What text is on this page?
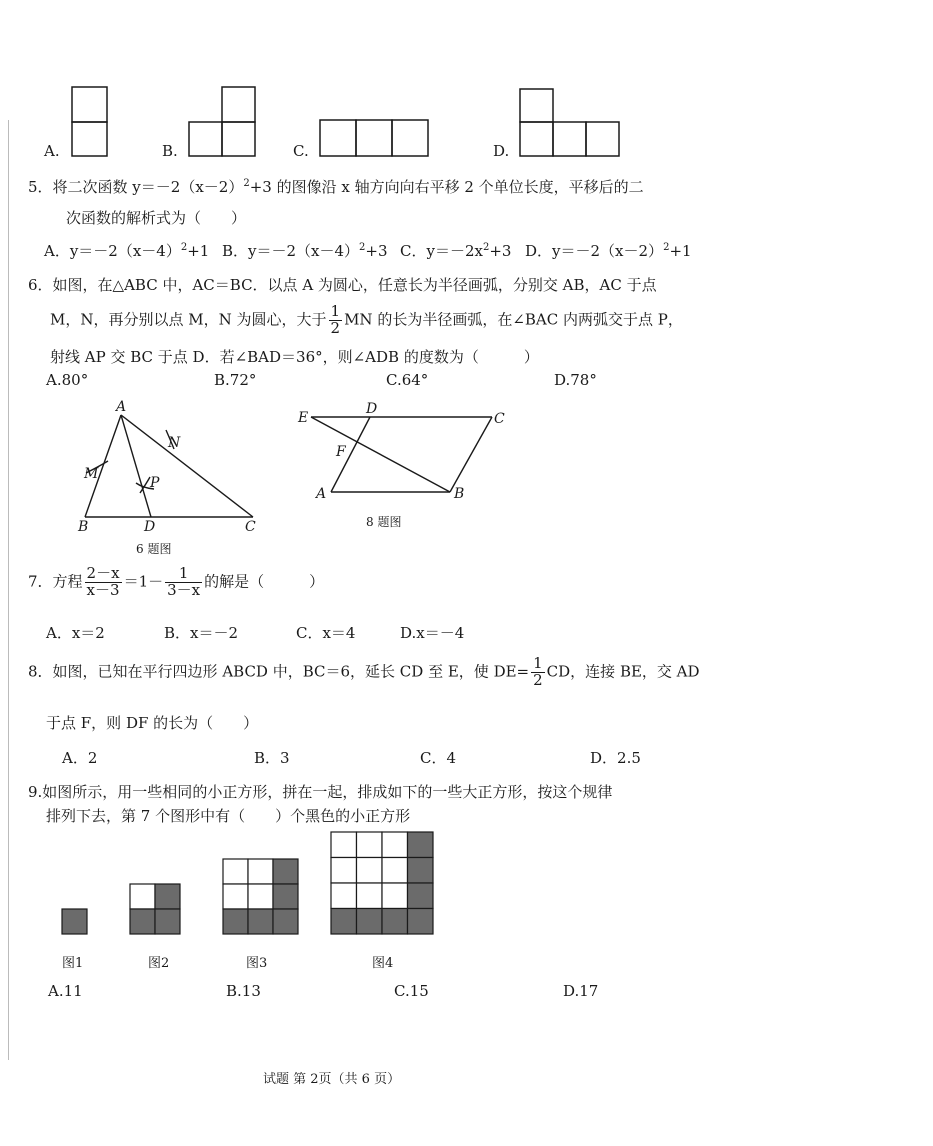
A.	B.	C.	D.
5．将二次函数 $y=-2(x-2)^2+3$ 的图像沿 x 轴方向向右平移 2 个单位长度，平移后的二
次函数的解析式为（　　）
A．$y=-2(x-4)^2+1$ B．$y=-2(x-4)^2+3$ C．$y=-2x^2+3$ D．$y=-2(x-2)^2+1$
6．如图，在△ABC 中，AC＝BC．以点 A 为圆心，任意长为半径画弧，分别交 AB，AC 于点
M，N，再分别以点 M，N 为圆心，大于 $\frac{1}{2}$ MN 的长为半径画弧，在∠BAC 内两弧交于点 P，
射线 AP 交 BC 于点 D．若∠BAD＝36°，则∠ADB 的度数为（　　　）
A.80°	B.72°	C.64°	D.78°
A
N
M
P
B	D	C
6 题图
E
D
C
F
A	B
8 题图
7．方程 $\frac{2-x}{x-3} =1- \frac{1}{3-x}$ 的解是（　　　）
A．x＝2	B．x＝－2	C．x＝4	D.x＝－4
8．如图，已知在平行四边形 ABCD 中，BC＝6，延长 CD 至 E，使 $DE= \frac{1}{2}$ CD，连接 BE，交 AD
于点 F，则 DF 的长为（　　）
A．2	B．3	C．4	D．2.5
9.如图所示，用一些相同的小正方形，拼在一起，排成如下的一些大正方形，按这个规律
排列下去，第 7 个图形中有（　　）个黑色的小正方形
图1	图2	图3	图4
A.11	B.13	C.15	D.17
试题 第 2页（共 6 页）
